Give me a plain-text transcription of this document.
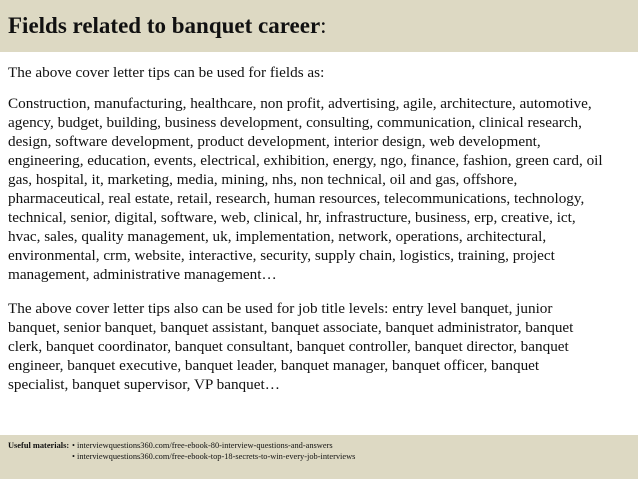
Fields related to banquet career:

The above cover letter tips can be used for fields as:

Construction, manufacturing, healthcare, non profit, advertising, agile, architecture, automotive,
agency, budget, building, business development, consulting, communication, clinical research,
design, software development, product development, interior design, web development,
engineering, education, events, electrical, exhibition, energy, ngo, finance, fashion, green card, oil
gas, hospital, it, marketing, media, mining, nhs, non technical, oil and gas, offshore,
pharmaceutical, real estate, retail, research, human resources, telecommunications, technology,
technical, senior, digital, software, web, clinical, hr, infrastructure, business, erp, creative, ict,
hvac, sales, quality management, uk, implementation, network, operations, architectural,
environmental, crm, website, interactive, security, supply chain, logistics, training, project
management, administrative management…

The above cover letter tips also can be used for job title levels: entry level banquet, junior
banquet, senior banquet, banquet assistant, banquet associate, banquet administrator, banquet
clerk, banquet coordinator, banquet consultant, banquet controller, banquet director, banquet
engineer, banquet executive, banquet leader, banquet manager, banquet officer, banquet
specialist, banquet supervisor, VP banquet…

Useful materials: • interviewquestions360.com/free-ebook-80-interview-questions-and-answers
• interviewquestions360.com/free-ebook-top-18-secrets-to-win-every-job-interviews
